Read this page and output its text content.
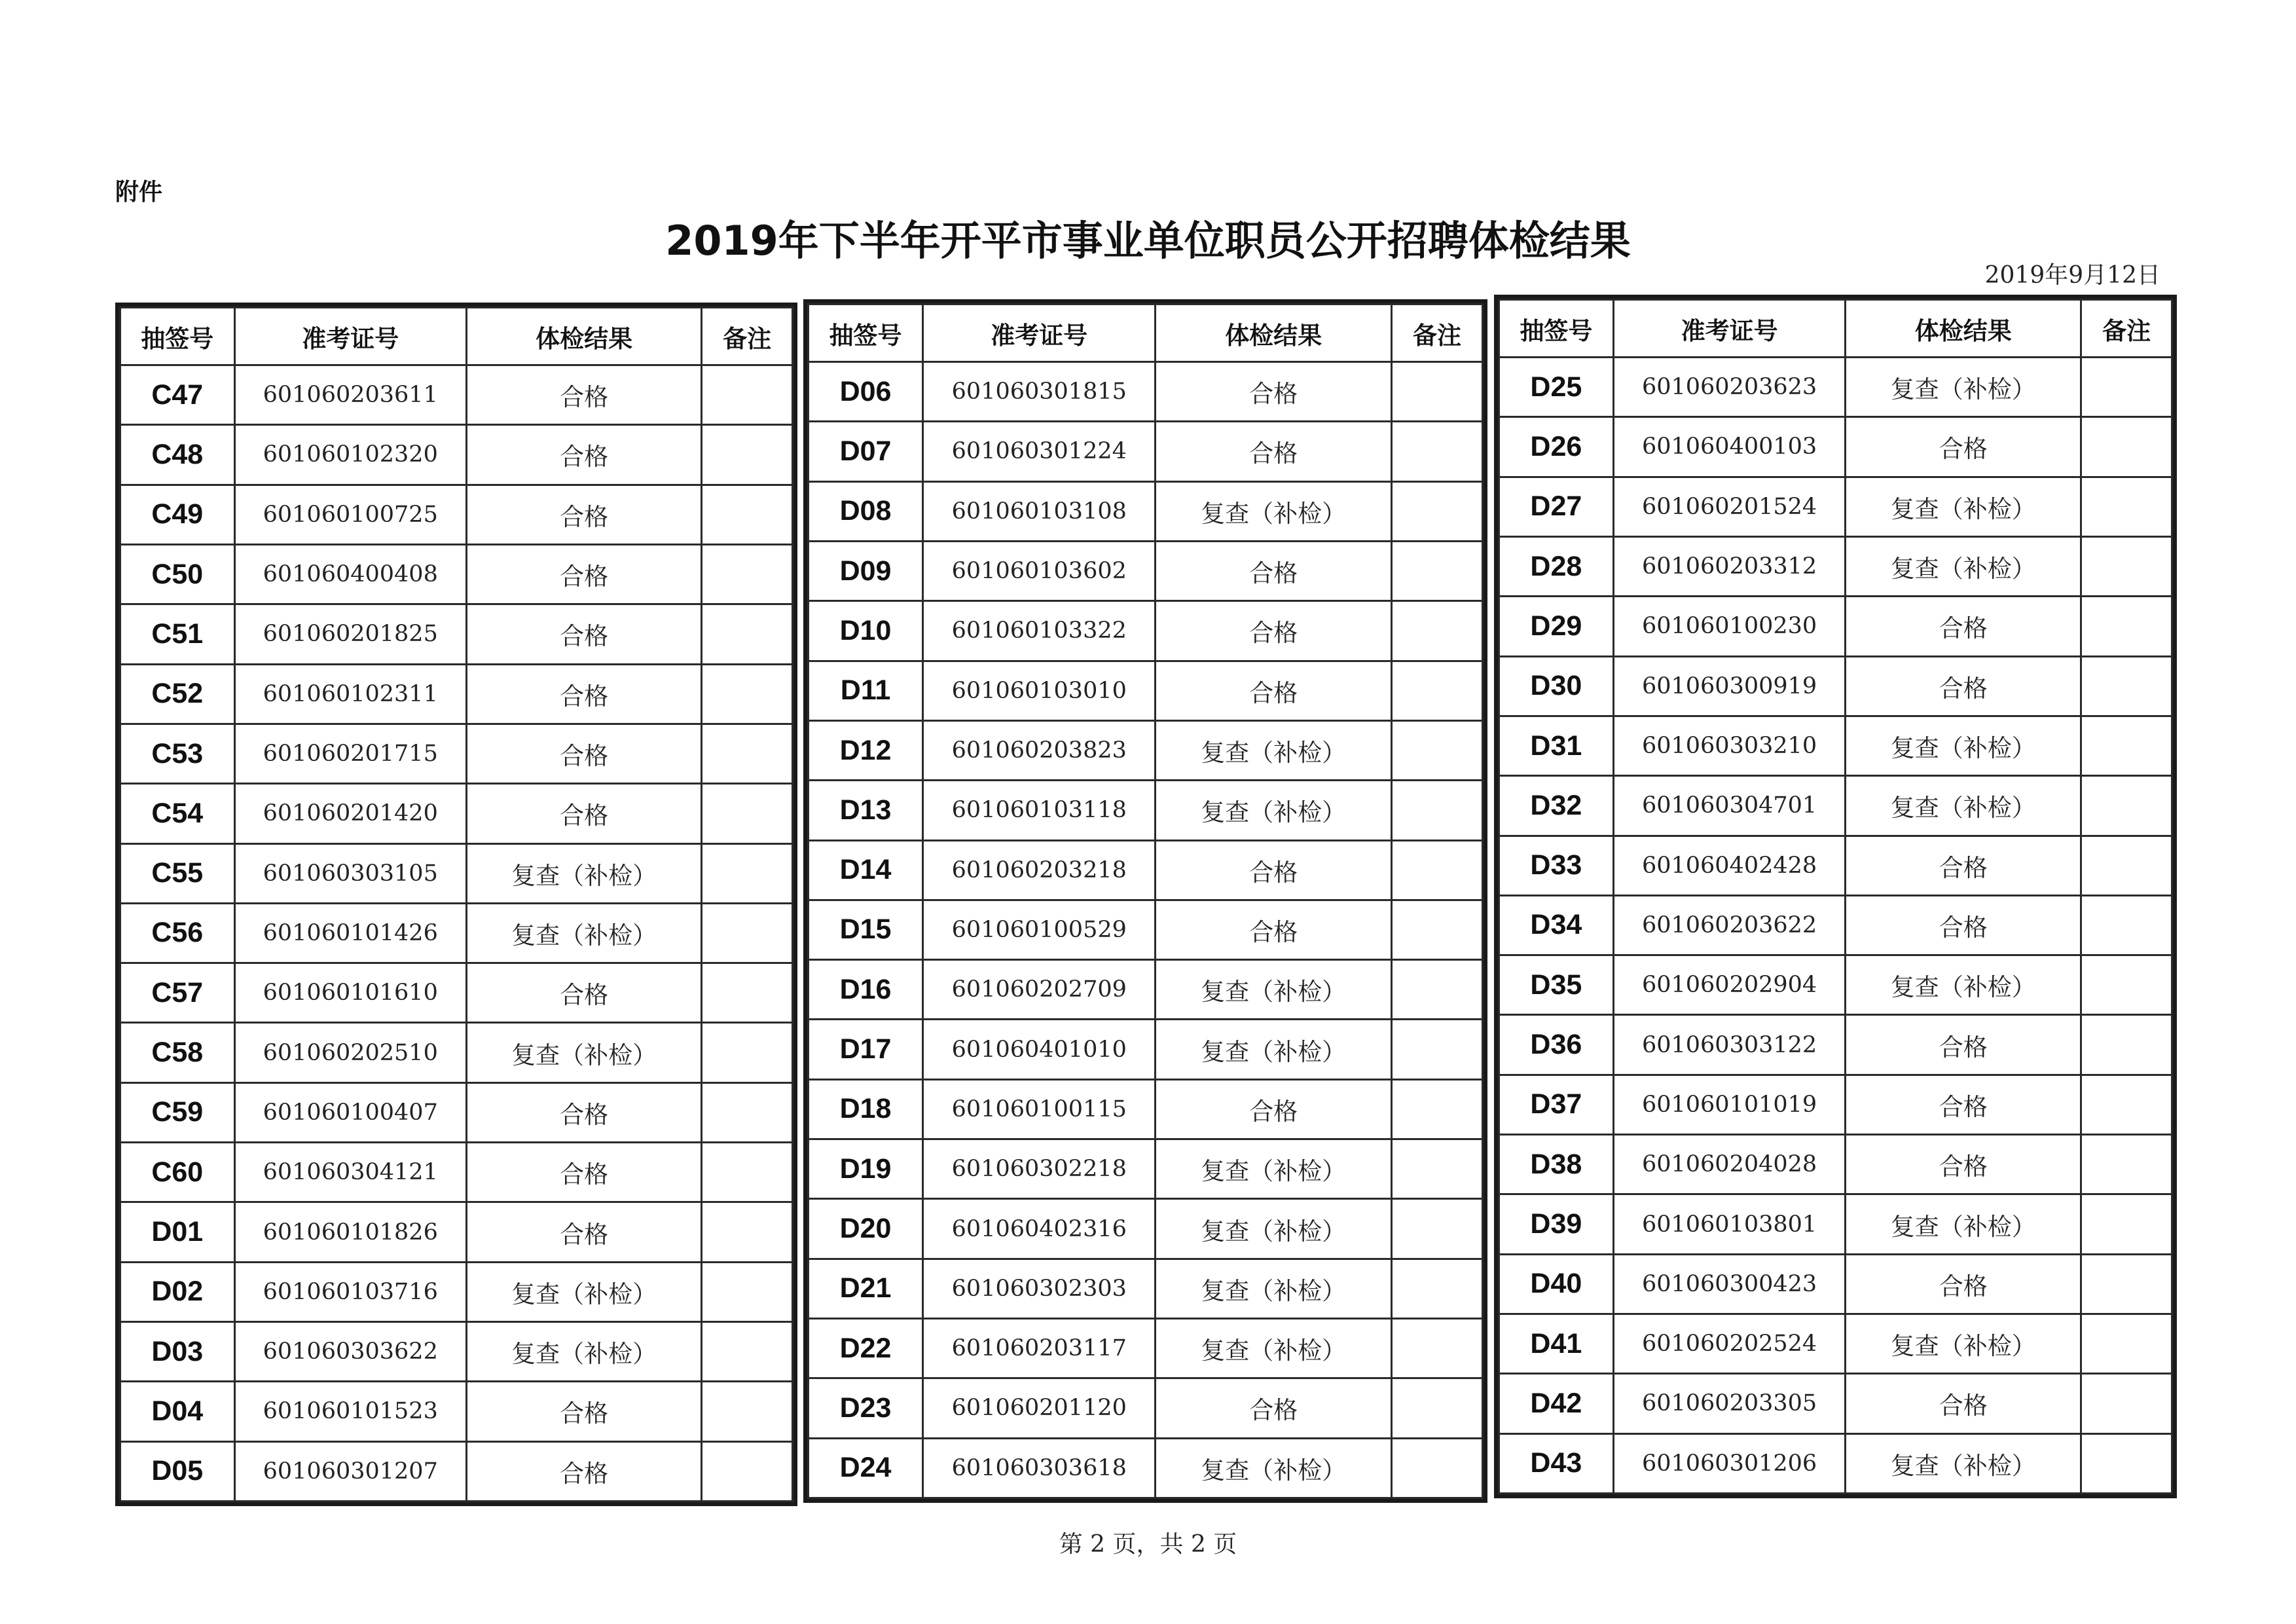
附件
2019年下半年开平市事业单位职员公开招聘体检结果
2019年9月12日
抽签号	准考证号	体检结果	备注
C47	601060203611	合格	
C48	601060102320	合格	
C49	601060100725	合格	
C50	601060400408	合格	
C51	601060201825	合格	
C52	601060102311	合格	
C53	601060201715	合格	
C54	601060201420	合格	
C55	601060303105	复查（补检）	
C56	601060101426	复查（补检）	
C57	601060101610	合格	
C58	601060202510	复查（补检）	
C59	601060100407	合格	
C60	601060304121	合格	
D01	601060101826	合格	
D02	601060103716	复查（补检）	
D03	601060303622	复查（补检）	
D04	601060101523	合格	
D05	601060301207	合格	
抽签号	准考证号	体检结果	备注
D06	601060301815	合格	
D07	601060301224	合格	
D08	601060103108	复查（补检）	
D09	601060103602	合格	
D10	601060103322	合格	
D11	601060103010	合格	
D12	601060203823	复查（补检）	
D13	601060103118	复查（补检）	
D14	601060203218	合格	
D15	601060100529	合格	
D16	601060202709	复查（补检）	
D17	601060401010	复查（补检）	
D18	601060100115	合格	
D19	601060302218	复查（补检）	
D20	601060402316	复查（补检）	
D21	601060302303	复查（补检）	
D22	601060203117	复查（补检）	
D23	601060201120	合格	
D24	601060303618	复查（补检）	
抽签号	准考证号	体检结果	备注
D25	601060203623	复查（补检）	
D26	601060400103	合格	
D27	601060201524	复查（补检）	
D28	601060203312	复查（补检）	
D29	601060100230	合格	
D30	601060300919	合格	
D31	601060303210	复查（补检）	
D32	601060304701	复查（补检）	
D33	601060402428	合格	
D34	601060203622	合格	
D35	601060202904	复查（补检）	
D36	601060303122	合格	
D37	601060101019	合格	
D38	601060204028	合格	
D39	601060103801	复查（补检）	
D40	601060300423	合格	
D41	601060202524	复查（补检）	
D42	601060203305	合格	
D43	601060301206	复查（补检）	
第 2 页，共 2 页
